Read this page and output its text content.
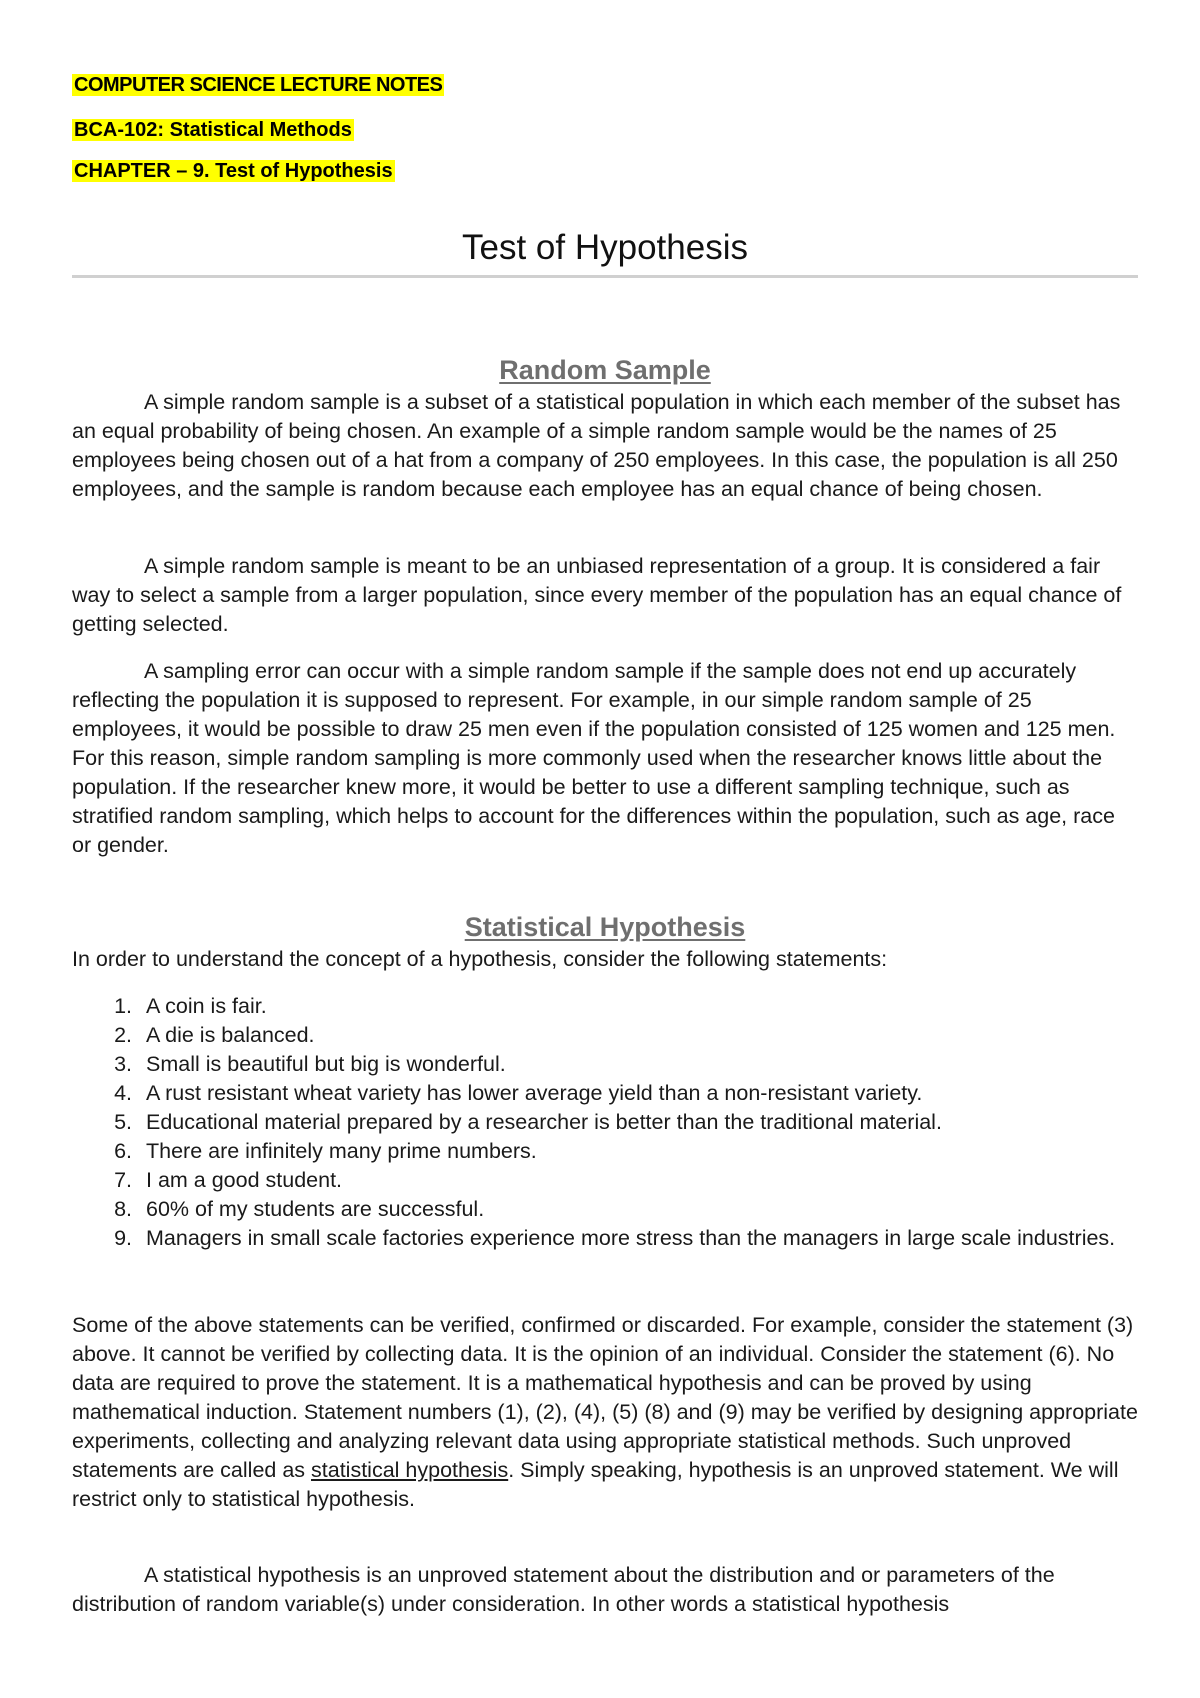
COMPUTER SCIENCE LECTURE NOTES
BCA-102: Statistical Methods
CHAPTER – 9. Test of Hypothesis
Test of Hypothesis
Random Sample

A simple random sample is a subset of a statistical population in which each member of the subset has an equal probability of being chosen. An example of a simple random sample would be the names of 25 employees being chosen out of a hat from a company of 250 employees. In this case, the population is all 250 employees, and the sample is random because each employee has an equal chance of being chosen.

A simple random sample is meant to be an unbiased representation of a group. It is considered a fair way to select a sample from a larger population, since every member of the population has an equal chance of getting selected.

A sampling error can occur with a simple random sample if the sample does not end up accurately reflecting the population it is supposed to represent. For example, in our simple random sample of 25 employees, it would be possible to draw 25 men even if the population consisted of 125 women and 125 men. For this reason, simple random sampling is more commonly used when the researcher knows little about the population. If the researcher knew more, it would be better to use a different sampling technique, such as stratified random sampling, which helps to account for the differences within the population, such as age, race or gender.

Statistical Hypothesis

In order to understand the concept of a hypothesis, consider the following statements:

1. A coin is fair.
2. A die is balanced.
3. Small is beautiful but big is wonderful.
4. A rust resistant wheat variety has lower average yield than a non-resistant variety.
5. Educational material prepared by a researcher is better than the traditional material.
6. There are infinitely many prime numbers.
7. I am a good student.
8. 60% of my students are successful.
9. Managers in small scale factories experience more stress than the managers in large scale industries.

Some of the above statements can be verified, confirmed or discarded. For example, consider the statement (3) above. It cannot be verified by collecting data. It is the opinion of an individual. Consider the statement (6). No data are required to prove the statement. It is a mathematical hypothesis and can be proved by using mathematical induction. Statement numbers (1), (2), (4), (5) (8) and (9) may be verified by designing appropriate experiments, collecting and analyzing relevant data using appropriate statistical methods. Such unproved statements are called as statistical hypothesis. Simply speaking, hypothesis is an unproved statement. We will restrict only to statistical hypothesis.

A statistical hypothesis is an unproved statement about the distribution and or parameters of the distribution of random variable(s) under consideration. In other words a statistical hypothesis
